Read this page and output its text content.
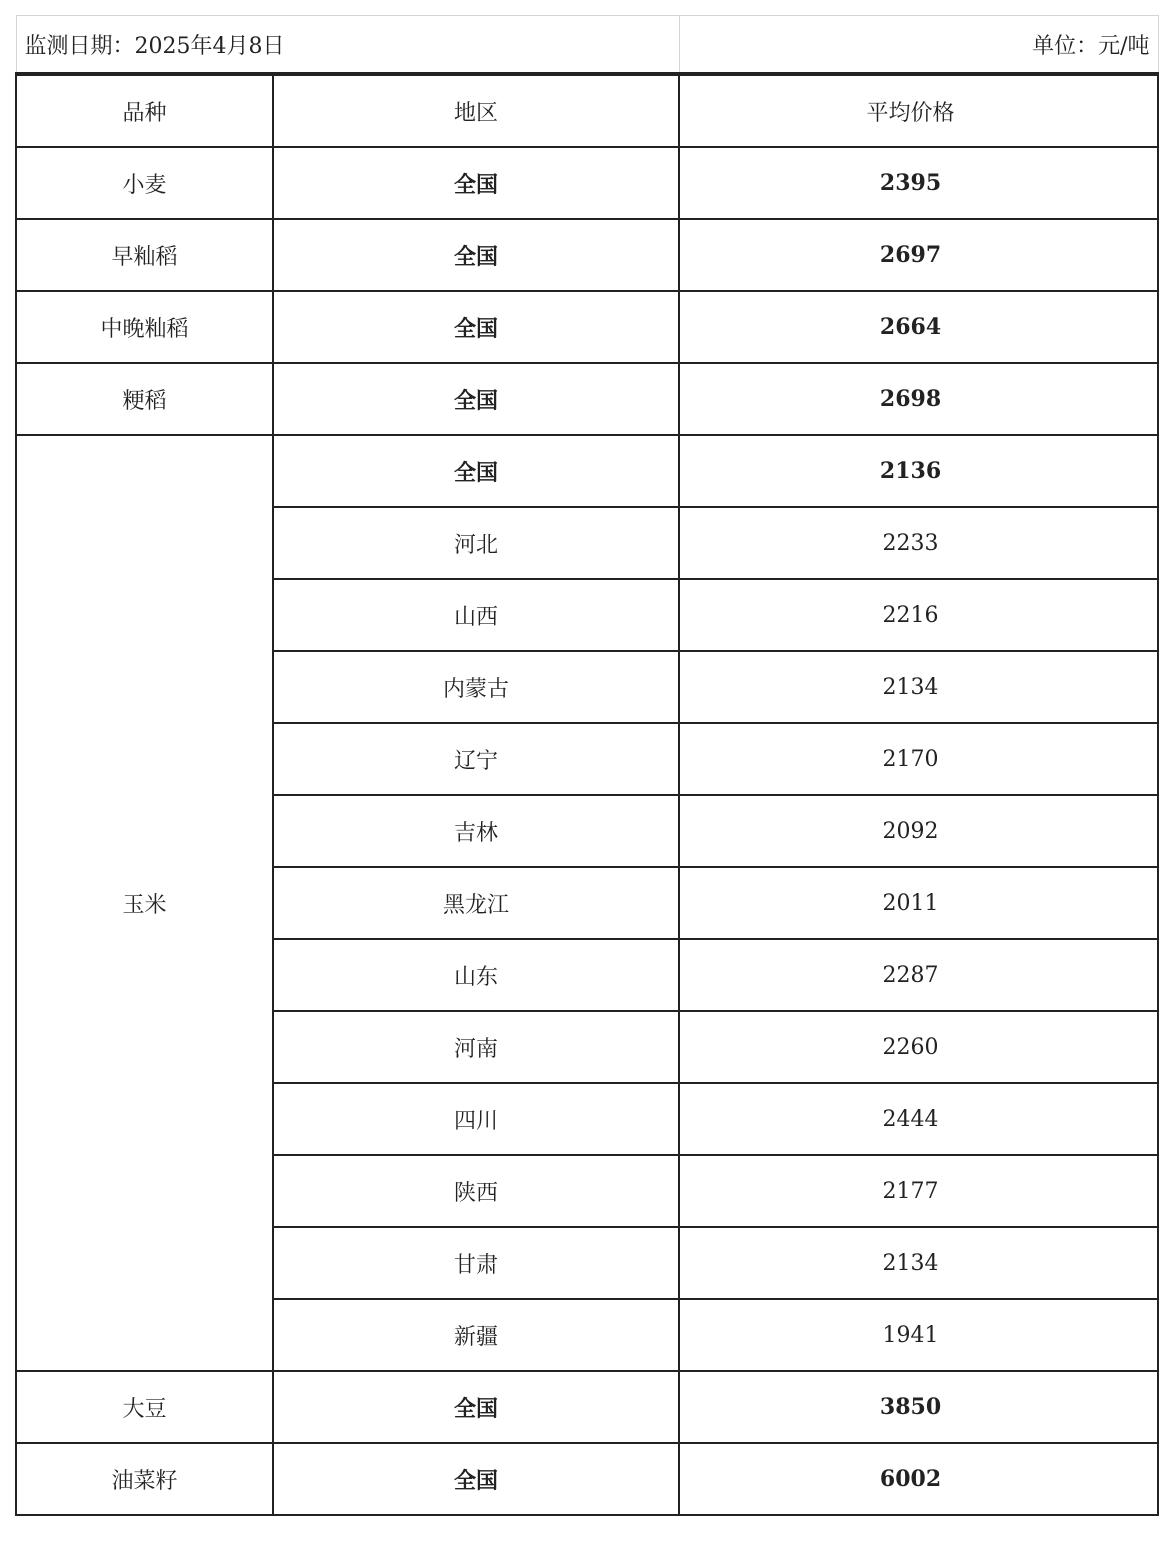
监测日期：2025年4月8日		单位：元/吨
品种	地区	平均价格
小麦	全国	2395
早籼稻	全国	2697
中晚籼稻	全国	2664
粳稻	全国	2698
玉米	全国	2136
	河北	2233
	山西	2216
	内蒙古	2134
	辽宁	2170
	吉林	2092
	黑龙江	2011
	山东	2287
	河南	2260
	四川	2444
	陕西	2177
	甘肃	2134
	新疆	1941
大豆	全国	3850
油菜籽	全国	6002
